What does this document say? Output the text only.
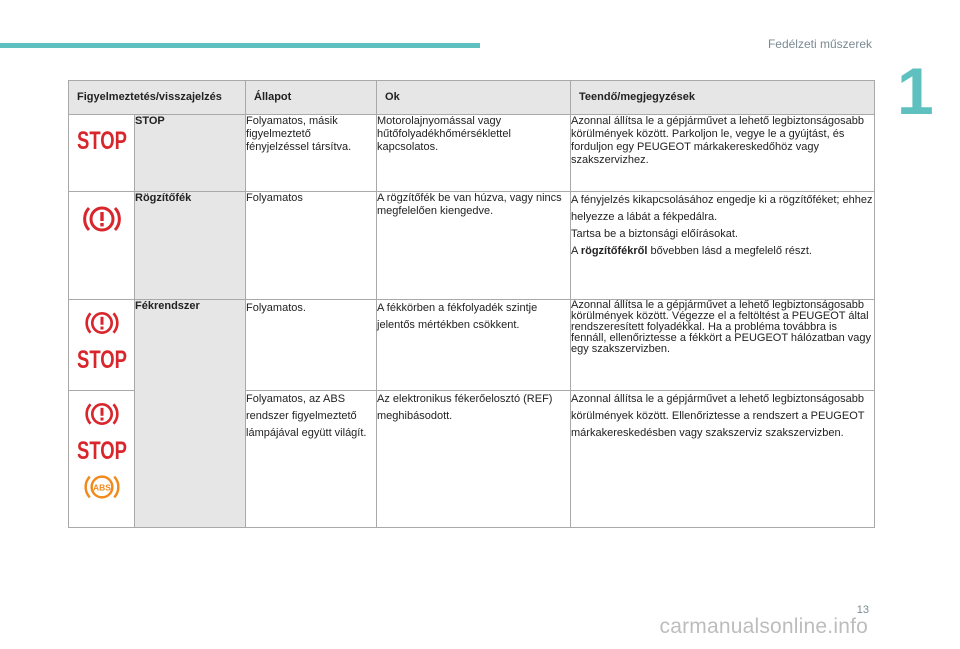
Fedélzeti műszerek
1
Figyelmeztetés/visszajelzés		Állapot	Ok	Teendő/megjegyzések

STOP	STOP	Folyamatos, másik figyelmeztető fényjelzéssel társítva.	Motorolajnyomással vagy hűtőfolyadékhőmérséklettel kapcsolatos.	Azonnal állítsa le a gépjárművet a lehető legbiztonságosabb körülmények között. Parkoljon le, vegye le a gyújtást, és forduljon egy PEUGEOT márkakereskedőhöz vagy szakszervizhez.

	Rögzítőfék	Folyamatos	A rögzítőfék be van húzva, vagy nincs megfelelően kiengedve.	A fényjelzés kikapcsolásához engedje ki a rögzítőféket; ehhez helyezze a lábát a fékpedálra.
Tartsa be a biztonsági előírásokat.
A rögzítőfékről bővebben lásd a megfelelő részt.

STOP	Fékrendszer	Folyamatos.	A fékkörben a fékfolyadék szintje jelentős mértékben csökkent.	Azonnal állítsa le a gépjárművet a lehető legbiztonságosabb körülmények között. Végezze el a feltöltést a PEUGEOT által rendszeresített folyadékkal. Ha a probléma továbbra is fennáll, ellenőriztesse a fékkört a PEUGEOT hálózatban vagy egy szakszervizben.

STOP
ABS		Folyamatos, az ABS rendszer figyelmeztető lámpájával együtt világít.	Az elektronikus fékerőelosztó (REF) meghibásodott.	Azonnal állítsa le a gépjárművet a lehető legbiztonságosabb körülmények között. Ellenőriztesse a rendszert a PEUGEOT márkakereskedésben vagy szakszerviz szakszervizben.
13
carmanualsonline.info
